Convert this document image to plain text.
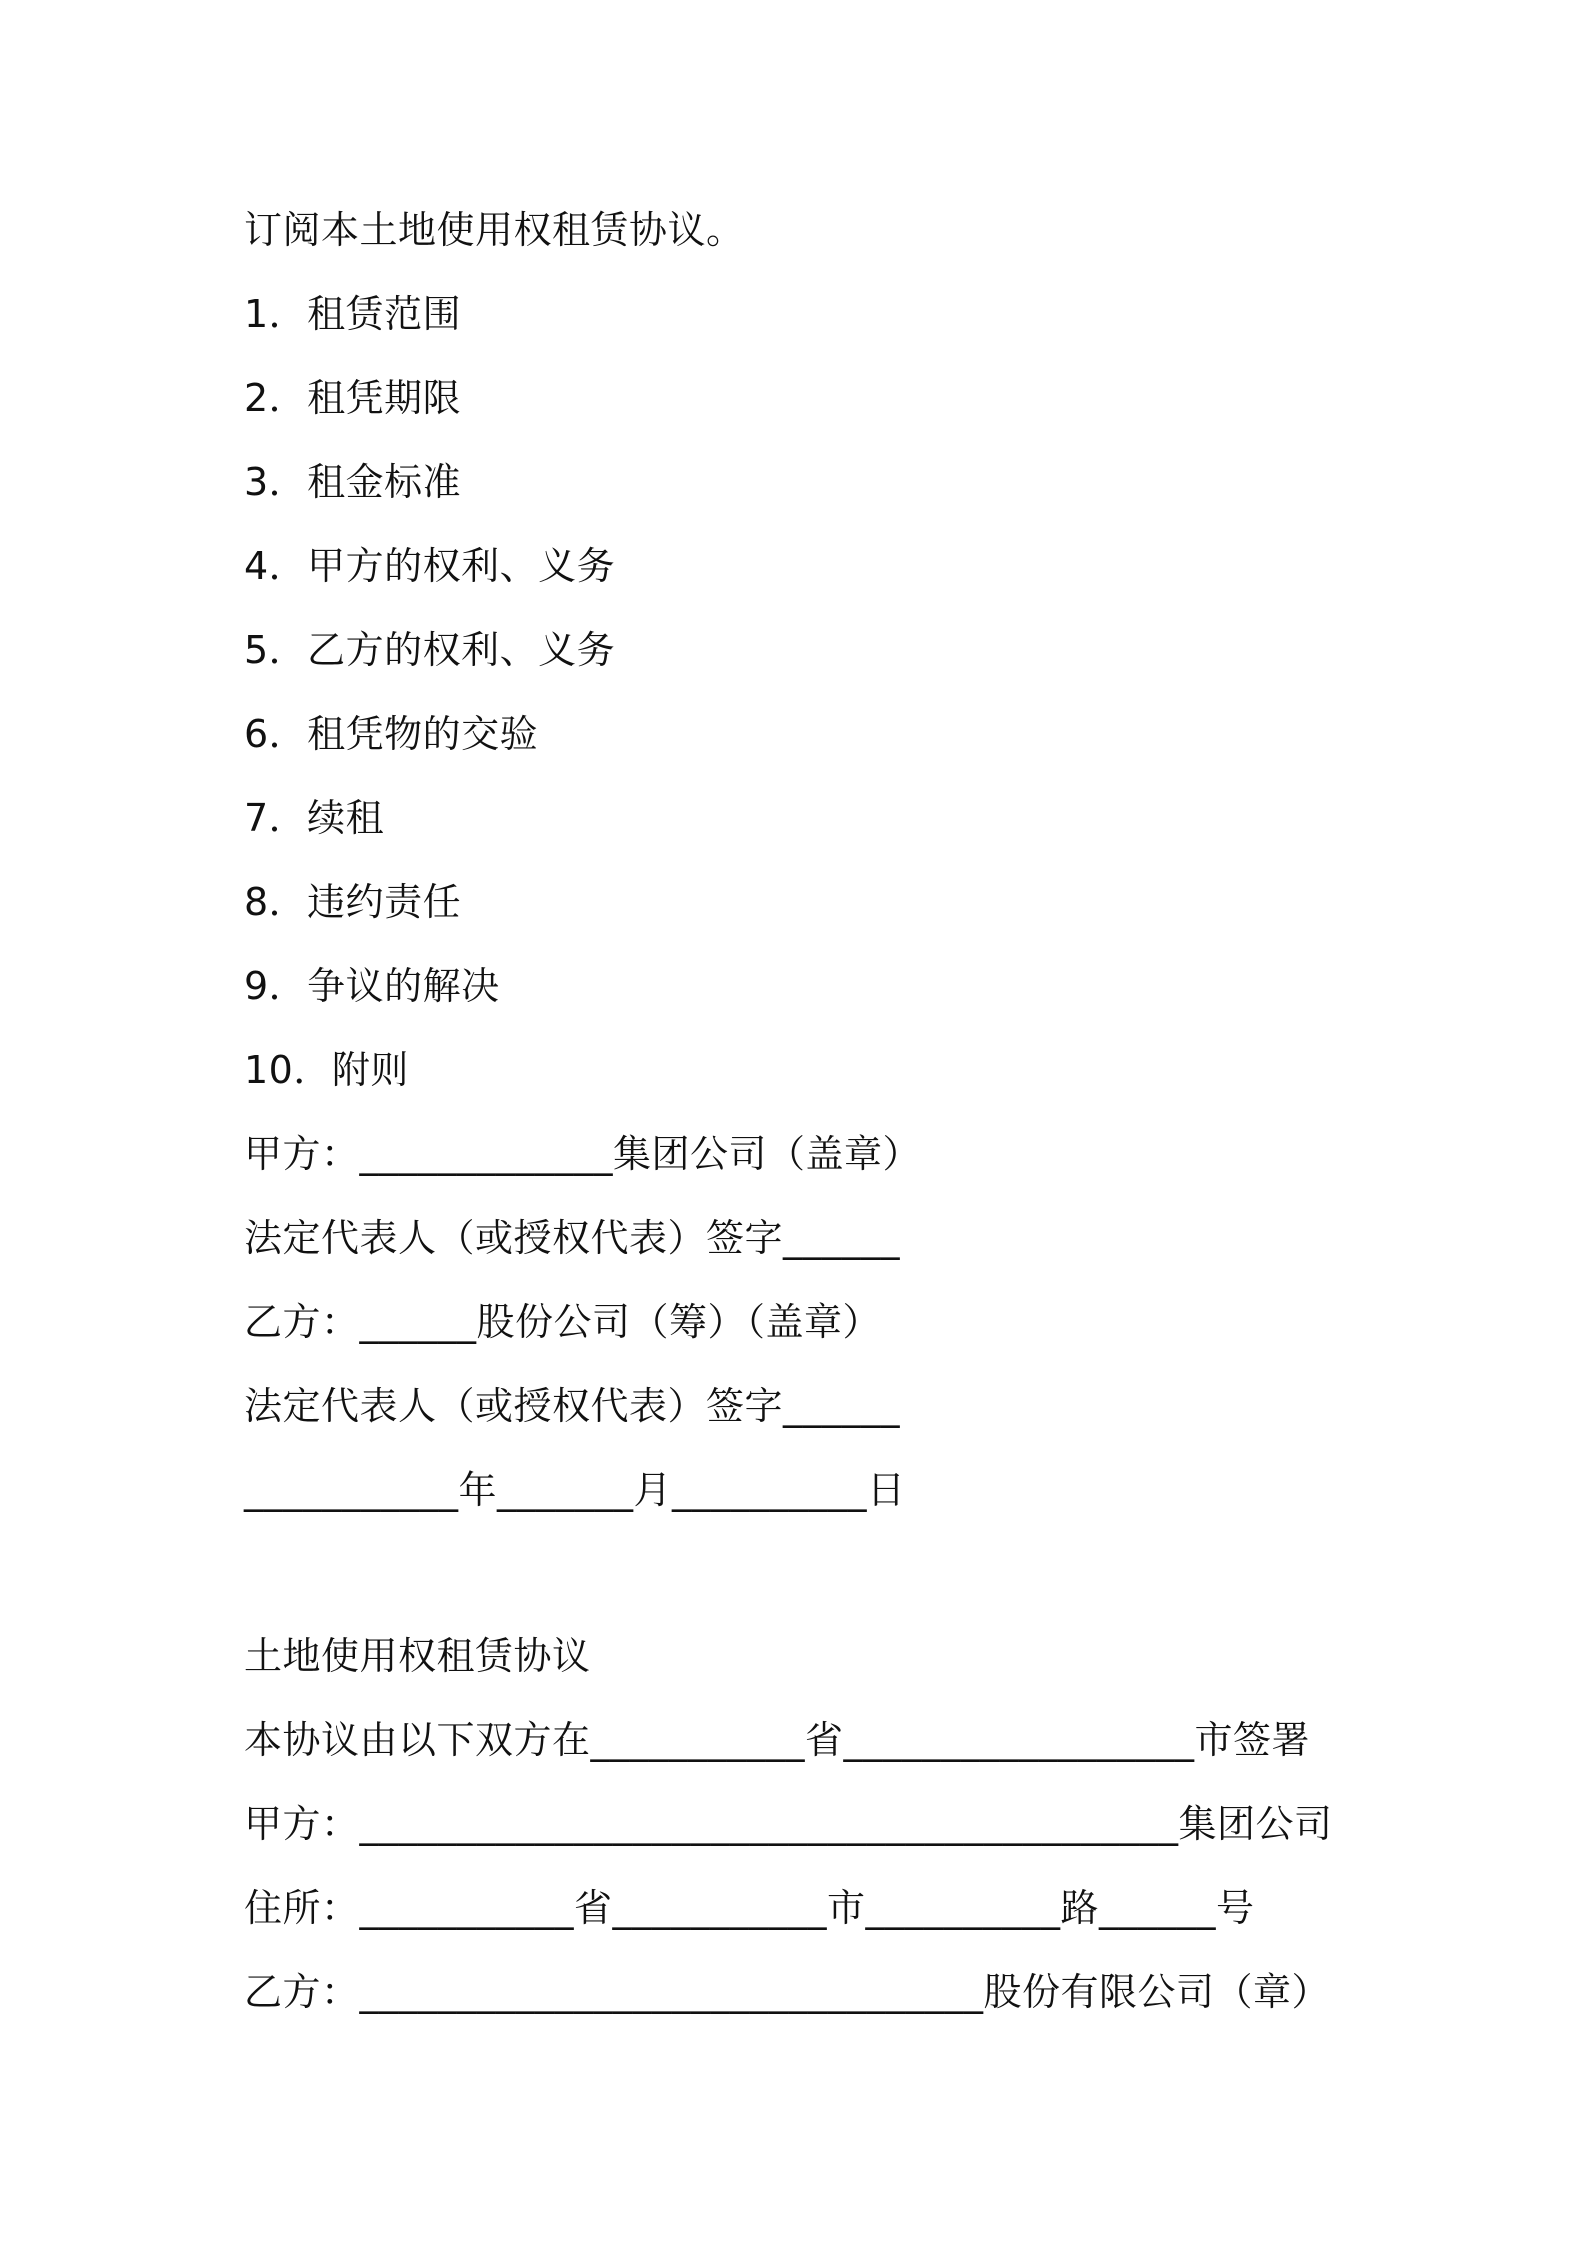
订阅本土地使用权租赁协议。
1．租赁范围
2．租凭期限
3．租金标准
4．甲方的权利、义务
5．乙方的权利、义务
6．租凭物的交验
7．续租
8．违约责任
9．争议的解决
10．附则
甲方：_____________集团公司（盖章）
法定代表人（或授权代表）签字______
乙方：______股份公司（筹）（盖章）
法定代表人（或授权代表）签字______
___________年_______月__________日
土地使用权租赁协议
本协议由以下双方在___________省__________________市签署
甲方：__________________________________________集团公司
住所：___________省___________市__________路______号
乙方：________________________________股份有限公司（章）
